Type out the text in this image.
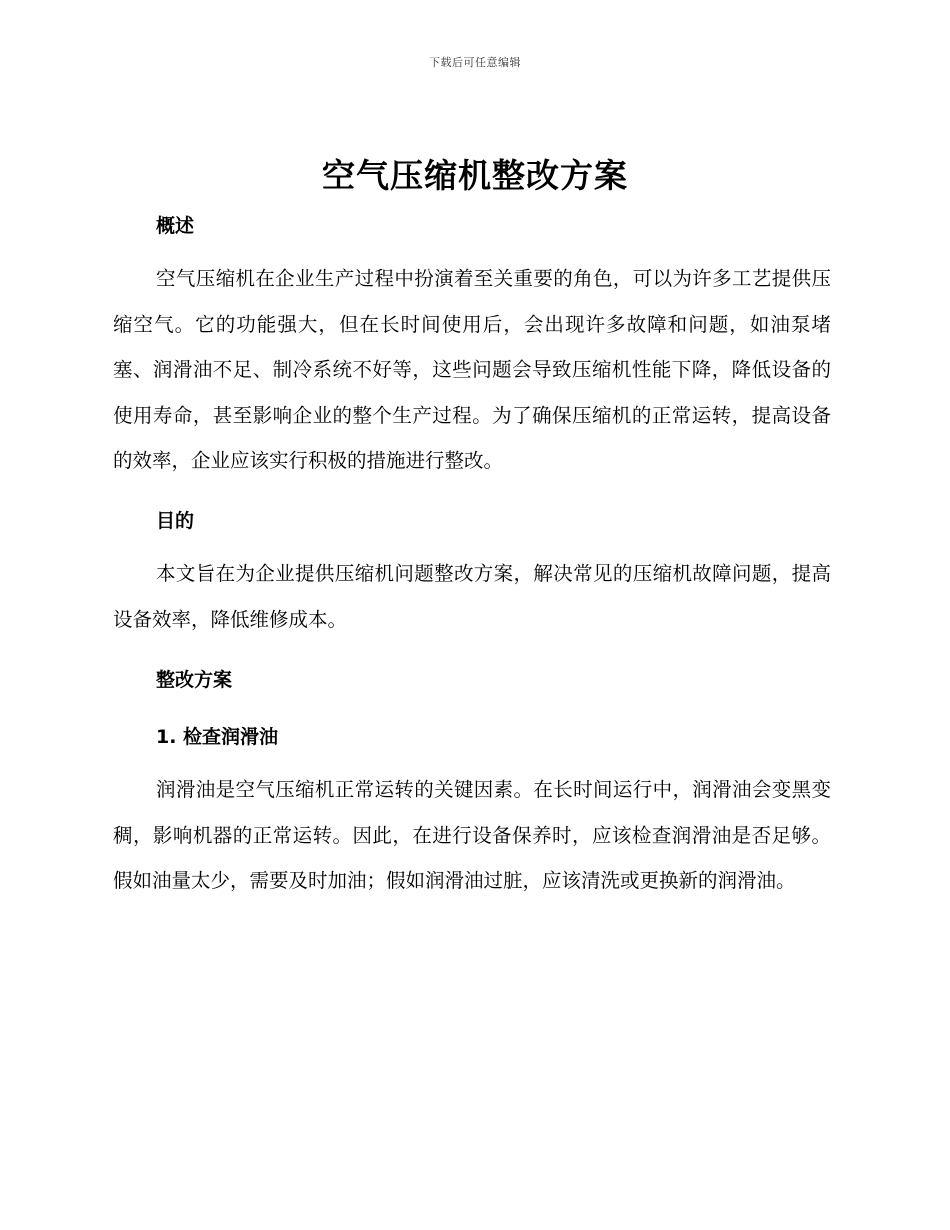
下载后可任意编辑
空气压缩机整改方案
概述

空气压缩机在企业生产过程中扮演着至关重要的角色，可以为许多工艺提供压缩空气。它的功能强大，但在长时间使用后，会出现许多故障和问题，如油泵堵塞、润滑油不足、制冷系统不好等，这些问题会导致压缩机性能下降，降低设备的使用寿命，甚至影响企业的整个生产过程。为了确保压缩机的正常运转，提高设备的效率，企业应该实行积极的措施进行整改。

目的

本文旨在为企业提供压缩机问题整改方案，解决常见的压缩机故障问题，提高设备效率，降低维修成本。

整改方案
1. 检查润滑油

润滑油是空气压缩机正常运转的关键因素。在长时间运行中，润滑油会变黑变稠，影响机器的正常运转。因此，在进行设备保养时，应该检查润滑油是否足够。假如油量太少，需要及时加油；假如润滑油过脏，应该清洗或更换新的润滑油。
